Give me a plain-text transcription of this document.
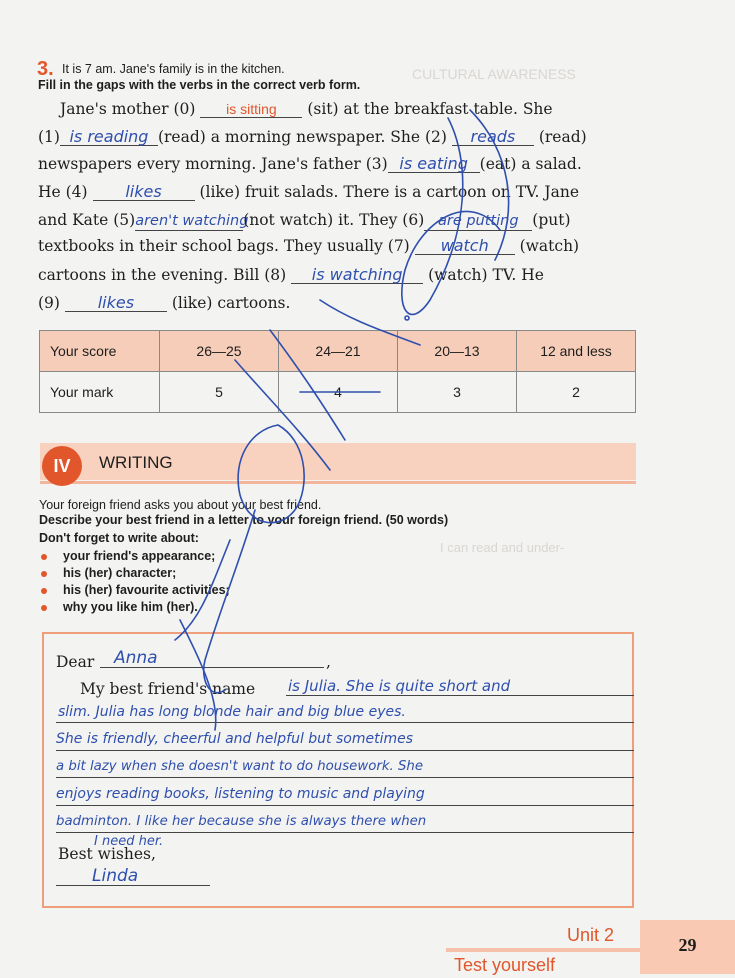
CULTURAL AWARENESS
I can read and under-
3. It is 7 am. Jane's family is in the kitchen.
Fill in the gaps with the verbs in the correct verb form.
Jane's mother (0) is sitting (sit) at the breakfast table. She
(1) is reading (read) a morning newspaper. She (2) reads (read)
newspapers every morning. Jane's father (3) is eating (eat) a salad.
He (4) likes (like) fruit salads. There is a cartoon on TV. Jane
and Kate (5)aren't watching(not watch) it. They (6) are putting (put)
textbooks in their school bags. They usually (7) watch (watch)
cartoons in the evening. Bill (8) is watching (watch) TV. He
(9) likes (like) cartoons.
Your score	26—25	24—21	20—13	12 and less
Your mark	5	4	3	2
IV	WRITING
Your foreign friend asks you about your best friend.
Describe your best friend in a letter to your foreign friend. (50 words)
Don't forget to write about:
your friend's appearance;
his (her) character;
his (her) favourite activities;
why you like him (her).
Dear	Anna	,
My best friend's name is Julia. She is quite short and
slim. Julia has long blonde hair and big blue eyes.
She is friendly, cheerful and helpful but sometimes
a bit lazy when she doesn't want to do housework. She
enjoys reading books, listening to music and playing
badminton. I like her because she is always there when
I need her.
Best wishes,
Linda
Unit 2
Test yourself
29
